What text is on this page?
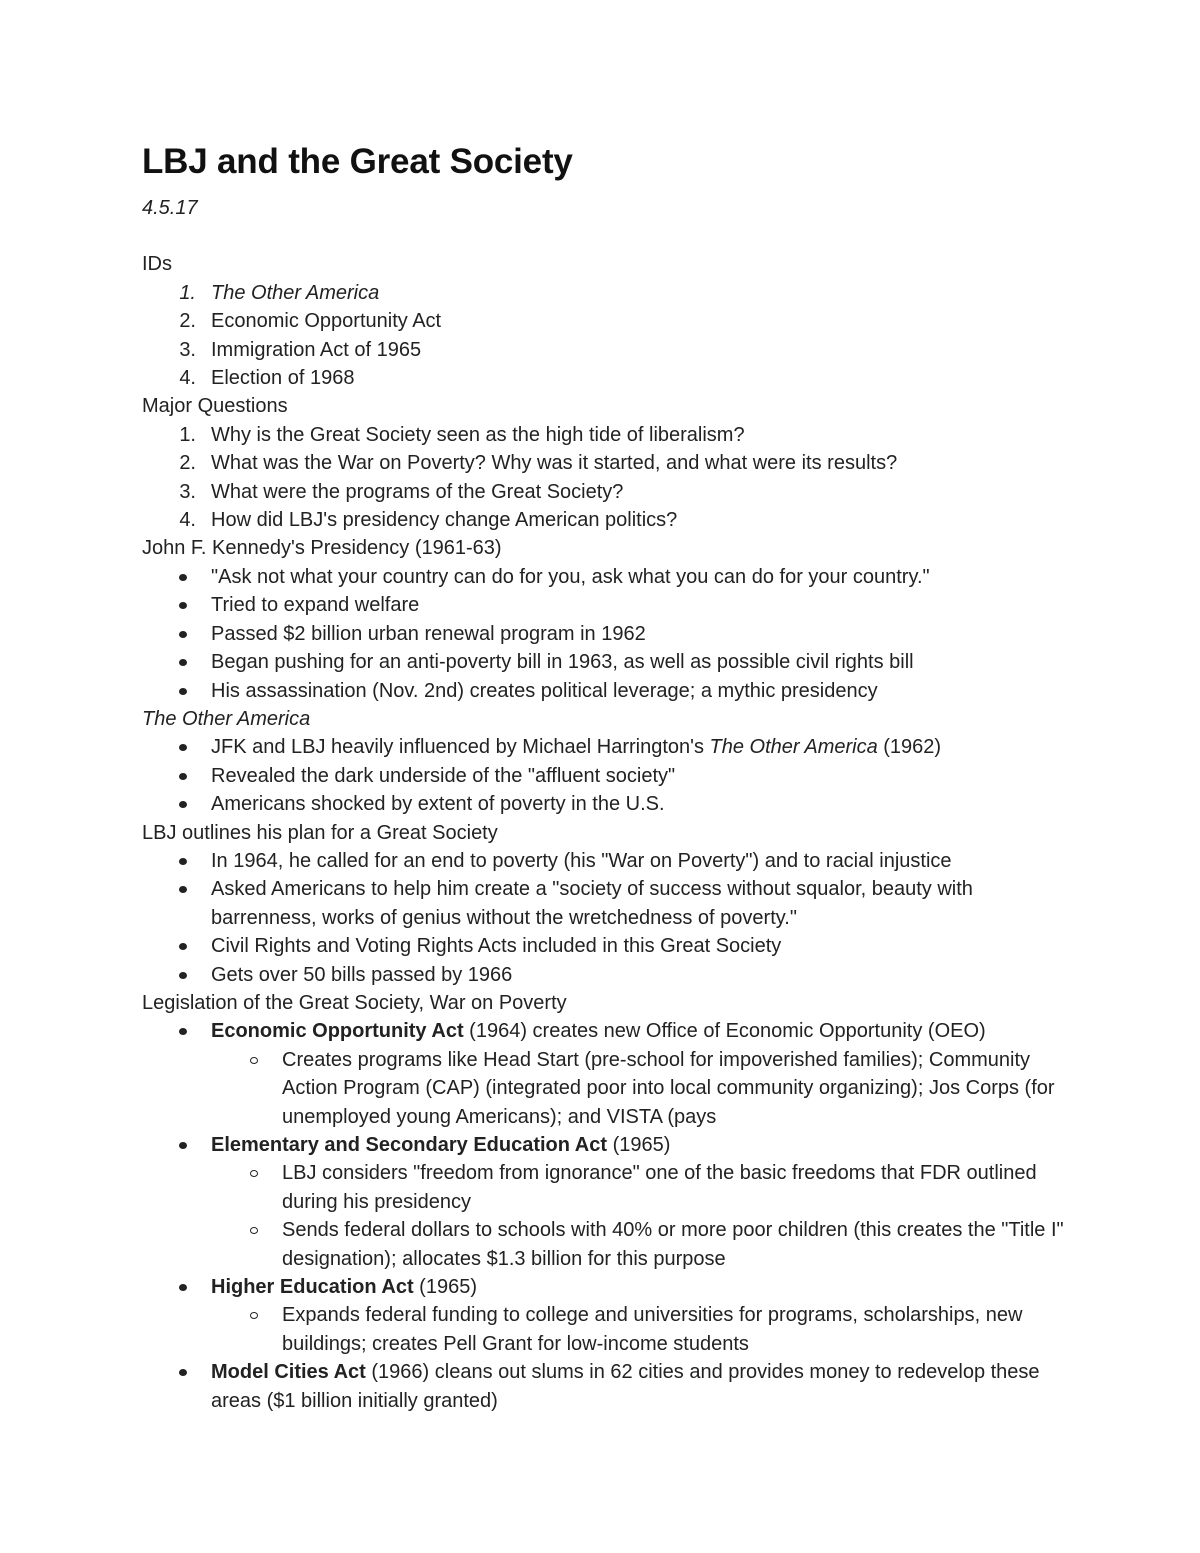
LBJ and the Great Society
4.5.17
IDs
1. The Other America
2. Economic Opportunity Act
3. Immigration Act of 1965
4. Election of 1968
Major Questions
1. Why is the Great Society seen as the high tide of liberalism?
2. What was the War on Poverty? Why was it started, and what were its results?
3. What were the programs of the Great Society?
4. How did LBJ's presidency change American politics?
John F. Kennedy's Presidency (1961-63)
"Ask not what your country can do for you, ask what you can do for your country."
Tried to expand welfare
Passed $2 billion urban renewal program in 1962
Began pushing for an anti-poverty bill in 1963, as well as possible civil rights bill
His assassination (Nov. 2nd) creates political leverage; a mythic presidency
The Other America
JFK and LBJ heavily influenced by Michael Harrington's The Other America (1962)
Revealed the dark underside of the "affluent society"
Americans shocked by extent of poverty in the U.S.
LBJ outlines his plan for a Great Society
In 1964, he called for an end to poverty (his "War on Poverty") and to racial injustice
Asked Americans to help him create a "society of success without squalor, beauty with barrenness, works of genius without the wretchedness of poverty."
Civil Rights and Voting Rights Acts included in this Great Society
Gets over 50 bills passed by 1966
Legislation of the Great Society, War on Poverty
Economic Opportunity Act (1964) creates new Office of Economic Opportunity (OEO)
Creates programs like Head Start (pre-school for impoverished families); Community Action Program (CAP) (integrated poor into local community organizing); Jos Corps (for unemployed young Americans); and VISTA (pays
Elementary and Secondary Education Act (1965)
LBJ considers "freedom from ignorance" one of the basic freedoms that FDR outlined during his presidency
Sends federal dollars to schools with 40% or more poor children (this creates the "Title I" designation); allocates $1.3 billion for this purpose
Higher Education Act (1965)
Expands federal funding to college and universities for programs, scholarships, new buildings; creates Pell Grant for low-income students
Model Cities Act (1966) cleans out slums in 62 cities and provides money to redevelop these areas ($1 billion initially granted)
